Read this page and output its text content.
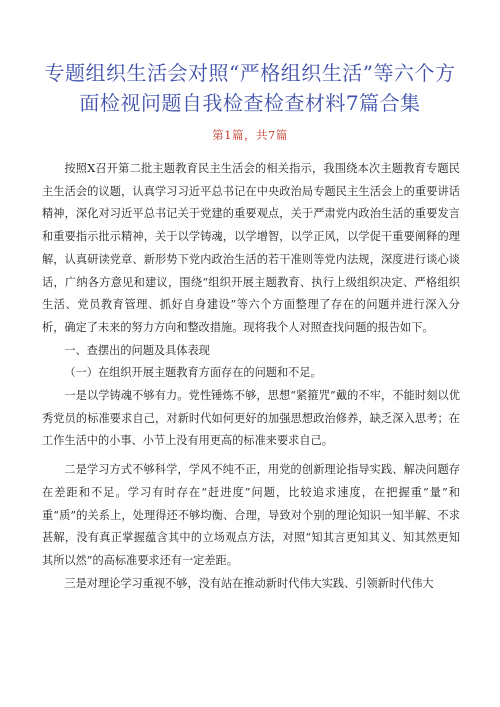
专题组织生活会对照“严格组织生活”等六个方面检视问题自我检查检查材料7篇合集
第1篇，共7篇

按照X召开第二批主题教育民主生活会的相关指示，我围绕本次主题教育专题民主生活会的议题，认真学习习近平总书记在中央政治局专题民主生活会上的重要讲话精神，深化对习近平总书记关于党建的重要观点，关于严肃党内政治生活的重要发言和重要指示批示精神，关于以学铸魂，以学增智，以学正风，以学促干重要阐释的理解，认真研读党章、新形势下党内政治生活的若干准则等党内法规，深度进行谈心谈话，广纳各方意见和建议，围绕“组织开展主题教育、执行上级组织决定、严格组织生活、党员教育管理、抓好自身建设”等六个方面整理了存在的问题并进行深入分析，确定了未来的努力方向和整改措施。现将我个人对照查找问题的报告如下。

一、查摆出的问题及具体表现

（一）在组织开展主题教育方面存在的问题和不足。

一是以学铸魂不够有力。党性锤炼不够，思想“紧箍咒”戴的不牢，不能时刻以优秀党员的标准要求自己，对新时代如何更好的加强思想政治修养，缺乏深入思考；在工作生活中的小事、小节上没有用更高的标准来要求自己。

二是学习方式不够科学，学风不纯不正，用党的创新理论指导实践、解决问题存在差距和不足。学习有时存在“赶进度”问题，比较追求速度，在把握重“量”和重“质”的关系上，处理得还不够均衡、合理，导致对个别的理论知识一知半解、不求甚解，没有真正掌握蕴含其中的立场观点方法，对照“知其言更知其义、知其然更知其所以然”的高标准要求还有一定差距。

三是对理论学习重视不够，没有站在推动新时代伟大实践、引领新时代伟大
